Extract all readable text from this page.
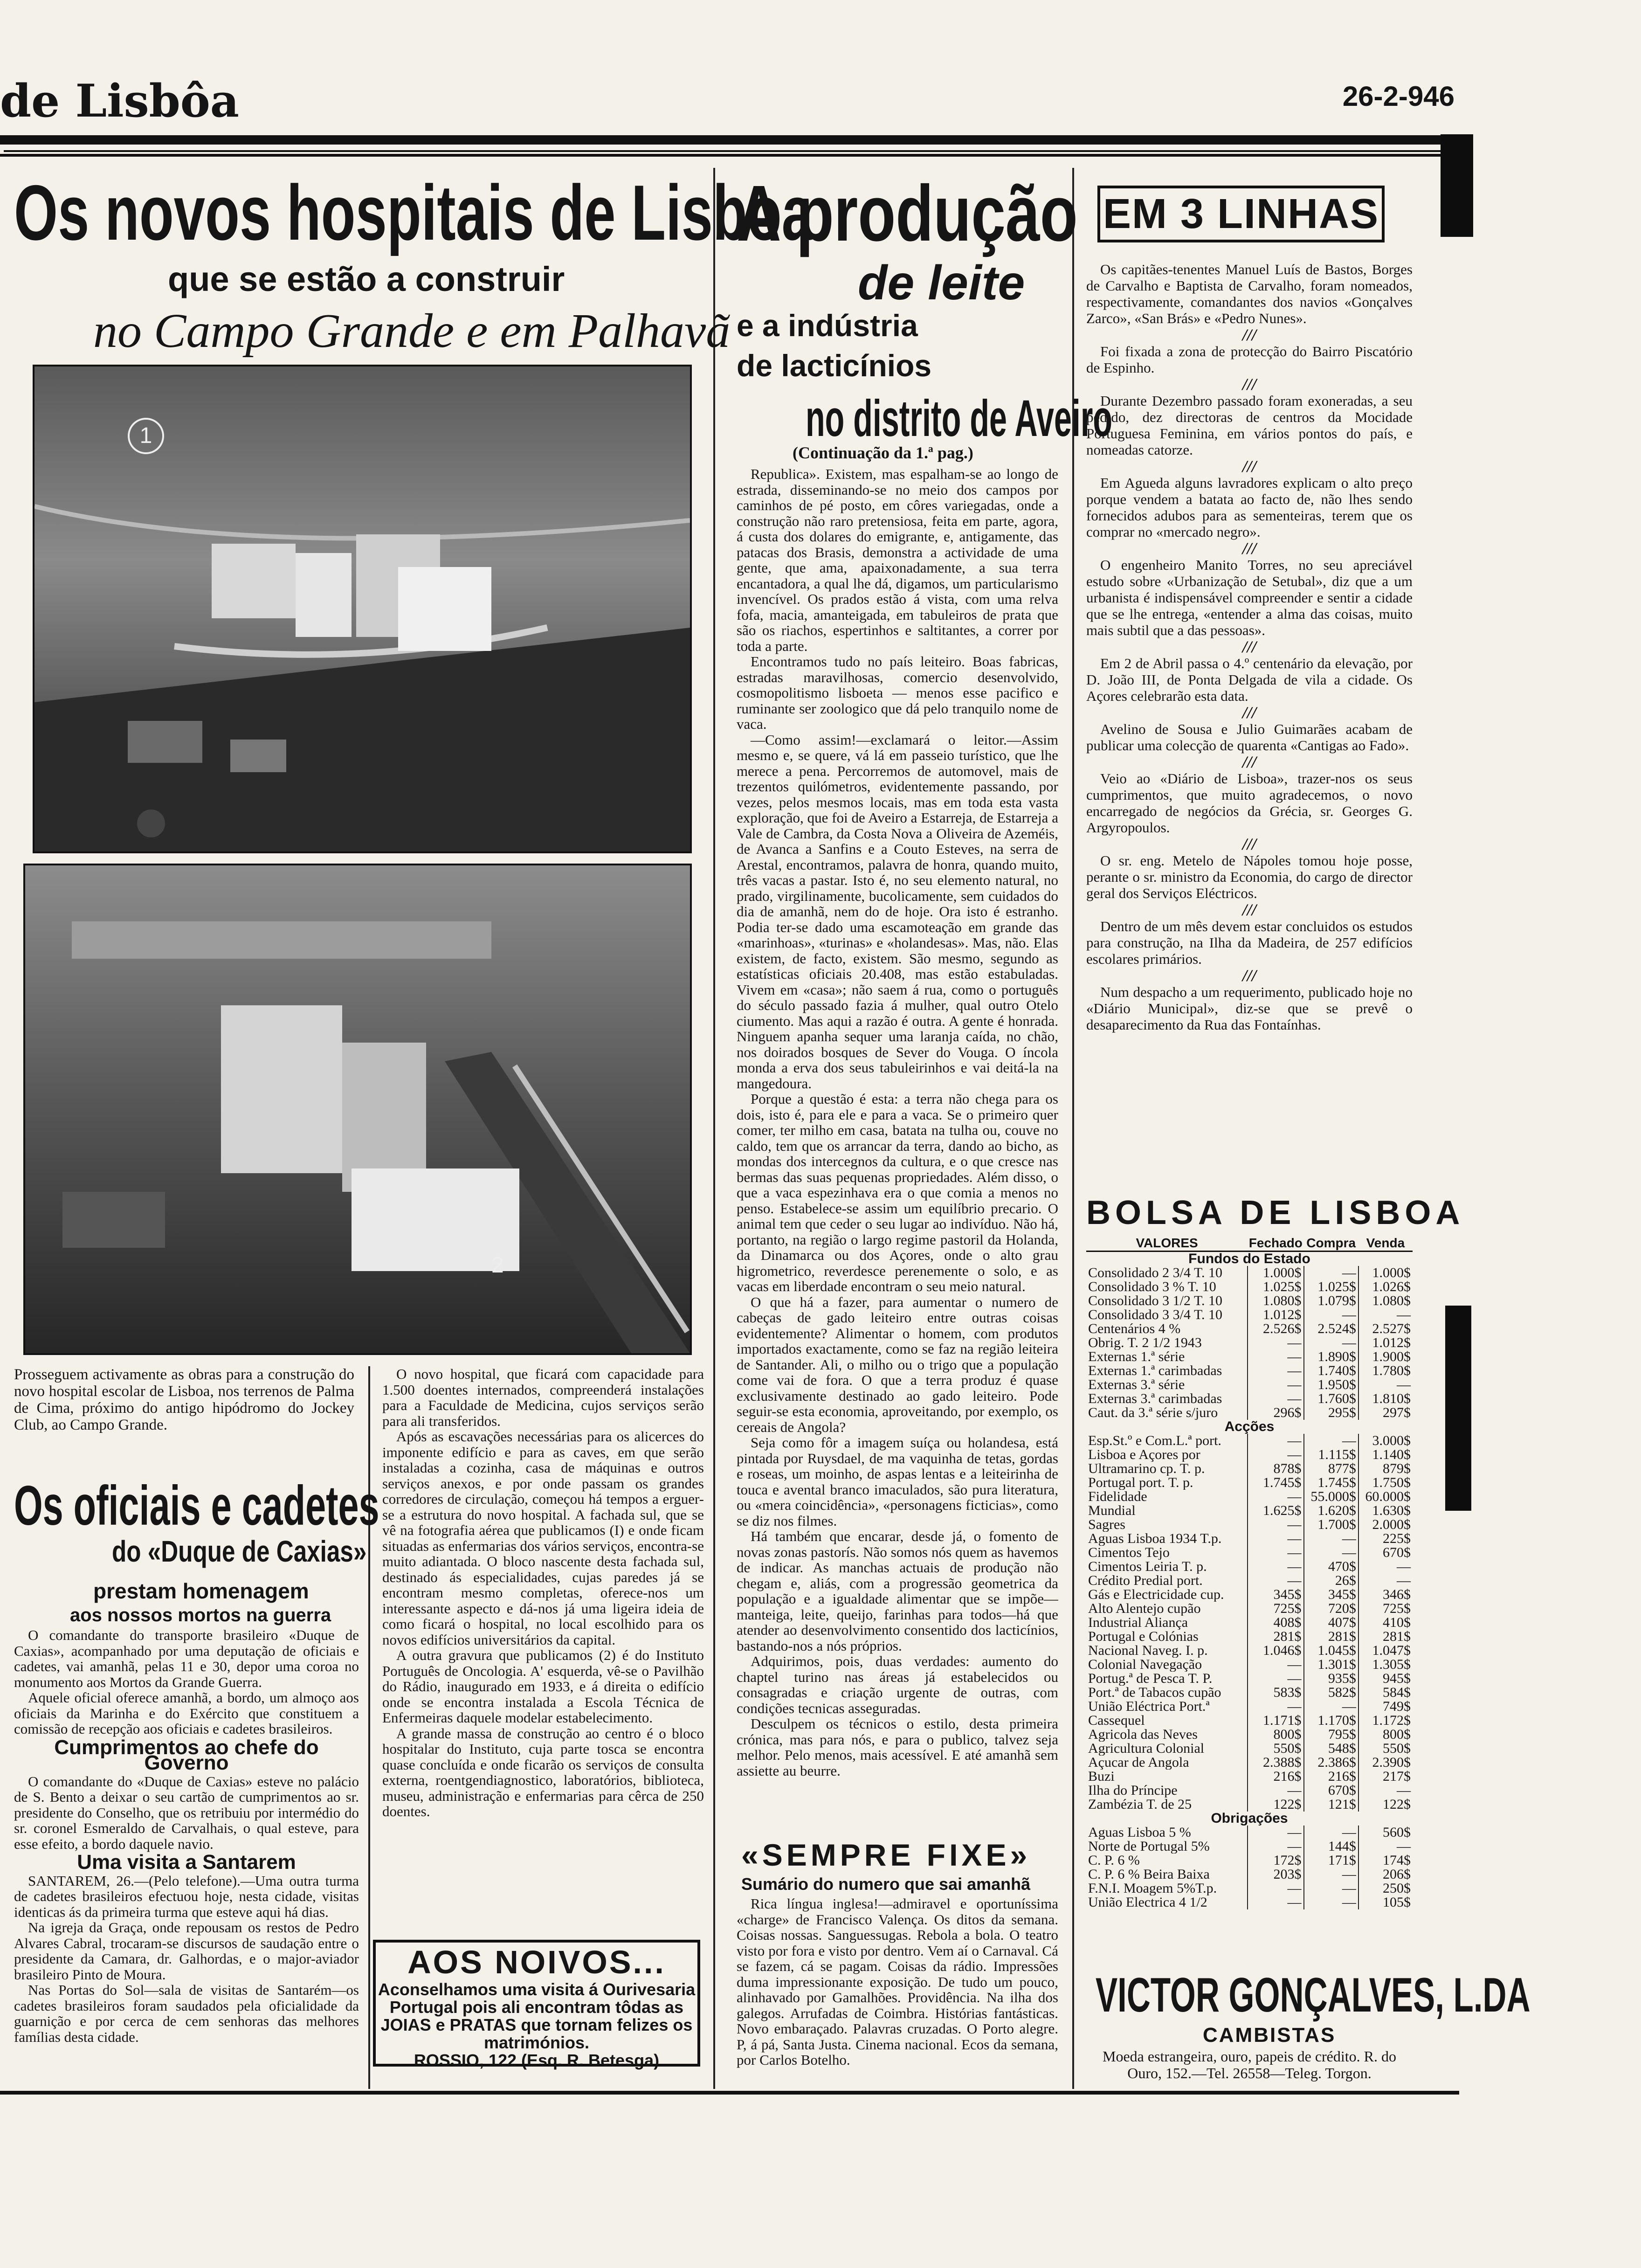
de Lisbôa	26-2-946
Os novos hospitais de Lisboa
que se estão a construir
no Campo Grande e em Palhavã
1
2
Prosseguem activamente as obras para a construção do novo hospital escolar de Lisboa, nos terrenos de Palma de Cima, próximo do antigo hipódromo do Jockey Club, ao Campo Grande.

O novo hospital, que ficará com capacidade para 1.500 doentes internados, compreenderá instalações para a Faculdade de Medicina, cujos serviços serão para ali transferidos.

Após as escavações necessárias para os alicerces do imponente edifício e para as caves, em que serão instaladas a cozinha, casa de máquinas e outros serviços anexos, e por onde passam os grandes corredores de circulação, começou há tempos a erguer-se a estrutura do novo hospital. A fachada sul, que se vê na fotografia aérea que publicamos (I) e onde ficam situadas as enfermarias dos vários serviços, encontra-se muito adiantada. O bloco nascente desta fachada sul, destinado ás especialidades, cujas paredes já se encontram mesmo completas, oferece-nos um interessante aspecto e dá-nos já uma ligeira ideia de como ficará o hospital, no local escolhido para os novos edifícios universitários da capital.

A outra gravura que publicamos (2) é do Instituto Português de Oncologia. A' esquerda, vê-se o Pavilhão do Rádio, inaugurado em 1933, e á direita o edifício onde se encontra instalada a Escola Técnica de Enfermeiras daquele modelar estabelecimento.

A grande massa de construção ao centro é o bloco hospitalar do Instituto, cuja parte tosca se encontra quase concluída e onde ficarão os serviços de consulta externa, roentgendiagnostico, laboratórios, biblioteca, museu, administração e enfermarias para cêrca de 250 doentes.

Os oficiais e cadetes
do «Duque de Caxias»
prestam homenagem
aos nossos mortos na guerra

O comandante do transporte brasileiro «Duque de Caxias», acompanhado por uma deputação de oficiais e cadetes, vai amanhã, pelas 11 e 30, depor uma coroa no monumento aos Mortos da Grande Guerra.

Aquele oficial oferece amanhã, a bordo, um almoço aos oficiais da Marinha e do Exército que constituem a comissão de recepção aos oficiais e cadetes brasileiros.

Cumprimentos ao chefe do Governo

O comandante do «Duque de Caxias» esteve no palácio de S. Bento a deixar o seu cartão de cumprimentos ao sr. presidente do Conselho, que os retribuiu por intermédio do sr. coronel Esmeraldo de Carvalhais, o qual esteve, para esse efeito, a bordo daquele navio.

Uma visita a Santarem

SANTAREM, 26.—(Pelo telefone).—Uma outra turma de cadetes brasileiros efectuou hoje, nesta cidade, visitas identicas ás da primeira turma que esteve aqui há dias.

Na igreja da Graça, onde repousam os restos de Pedro Alvares Cabral, trocaram-se discursos de saudação entre o presidente da Camara, dr. Galhordas, e o major-aviador brasileiro Pinto de Moura.

Nas Portas do Sol—sala de visitas de Santarém—os cadetes brasileiros foram saudados pela oficialidade da guarnição e por cerca de cem senhoras das melhores famílias desta cidade.

AOS NOIVOS...
Aconselhamos uma visita á Ourivesaria Portugal pois ali encontram tôdas as JOIAS e PRATAS que tornam felizes os matrimónios.
ROSSIO, 122 (Esq. R. Betesga)
A produção
de leite
e a indústria
de lacticínios
no distrito de Aveiro
(Continuação da 1.ª pag.)

Republica». Existem, mas espalham-se ao longo de estrada, disseminando-se no meio dos campos por caminhos de pé posto, em côres variegadas, onde a construção não raro pretensiosa, feita em parte, agora, á custa dos dolares do emigrante, e, antigamente, das patacas dos Brasis, demonstra a actividade de uma gente, que ama, apaixonadamente, a sua terra encantadora, a qual lhe dá, digamos, um particularismo invencível. Os prados estão á vista, com uma relva fofa, macia, amanteigada, em tabuleiros de prata que são os riachos, espertinhos e saltitantes, a correr por toda a parte.

Encontramos tudo no país leiteiro. Boas fabricas, estradas maravilhosas, comercio desenvolvido, cosmopolitismo lisboeta — menos esse pacifico e ruminante ser zoologico que dá pelo tranquilo nome de vaca.

—Como assim!—exclamará o leitor.—Assim mesmo e, se quere, vá lá em passeio turístico, que lhe merece a pena. Percorremos de automovel, mais de trezentos quilómetros, evidentemente passando, por vezes, pelos mesmos locais, mas em toda esta vasta exploração, que foi de Aveiro a Estarreja, de Estarreja a Vale de Cambra, da Costa Nova a Oliveira de Azeméis, de Avanca a Sanfins e a Couto Esteves, na serra de Arestal, encontramos, palavra de honra, quando muito, três vacas a pastar. Isto é, no seu elemento natural, no prado, virgilinamente, bucolicamente, sem cuidados do dia de amanhã, nem do de hoje. Ora isto é estranho. Podia ter-se dado uma escamoteação em grande das «marinhoas», «turinas» e «holandesas». Mas, não. Elas existem, de facto, existem. São mesmo, segundo as estatísticas oficiais 20.408, mas estão estabuladas. Vivem em «casa»; não saem á rua, como o português do século passado fazia á mulher, qual outro Otelo ciumento. Mas aqui a razão é outra. A gente é honrada. Ninguem apanha sequer uma laranja caída, no chão, nos doirados bosques de Sever do Vouga. O íncola monda a erva dos seus tabuleirinhos e vai deitá-la na mangedoura.

Porque a questão é esta: a terra não chega para os dois, isto é, para ele e para a vaca. Se o primeiro quer comer, ter milho em casa, batata na tulha ou, couve no caldo, tem que os arrancar da terra, dando ao bicho, as mondas dos intercegnos da cultura, e o que cresce nas bermas das suas pequenas propriedades. Além disso, o que a vaca espezinhava era o que comia a menos no penso. Estabelece-se assim um equilíbrio precario. O animal tem que ceder o seu lugar ao indivíduo. Não há, portanto, na região o largo regime pastoril da Holanda, da Dinamarca ou dos Açores, onde o alto grau higrometrico, reverdesce perenemente o solo, e as vacas em liberdade encontram o seu meio natural.

O que há a fazer, para aumentar o numero de cabeças de gado leiteiro entre outras coisas evidentemente? Alimentar o homem, com produtos importados exactamente, como se faz na região leiteira de Santander. Ali, o milho ou o trigo que a população come vai de fora. O que a terra produz é quase exclusivamente destinado ao gado leiteiro. Pode seguir-se esta economia, aproveitando, por exemplo, os cereais de Angola?

Seja como fôr a imagem suíça ou holandesa, está pintada por Ruysdael, de ma vaquinha de tetas, gordas e roseas, um moinho, de aspas lentas e a leiteirinha de touca e avental branco imaculados, são pura literatura, ou «mera coincidência», «personagens ficticias», como se diz nos filmes.

Há também que encarar, desde já, o fomento de novas zonas pastorís. Não somos nós quem as havemos de indicar. As manchas actuais de produção não chegam e, aliás, com a progressão geometrica da população e a igualdade alimentar que se impõe—manteiga, leite, queijo, farinhas para todos—há que atender ao desenvolvimento consentido dos lacticínios, bastando-nos a nós próprios.

Adquirimos, pois, duas verdades: aumento do chaptel turino nas áreas já estabelecidos ou consagradas e criação urgente de outras, com condições tecnicas asseguradas.

Desculpem os técnicos o estilo, desta primeira crónica, mas para nós, e para o publico, talvez seja melhor. Pelo menos, mais acessível. E até amanhã sem assiette au beurre.

«SEMPRE FIXE»
Sumário do numero que sai amanhã

Rica língua inglesa!—admiravel e oportuníssima «charge» de Francisco Valença. Os ditos da semana. Coisas nossas. Sanguessugas. Rebola a bola. O teatro visto por fora e visto por dentro. Vem aí o Carnaval. Cá se fazem, cá se pagam. Coisas da rádio. Impressões duma impressionante exposição. De tudo um pouco, alinhavado por Gamalhões. Providência. Na ilha dos galegos. Arrufadas de Coimbra. Histórias fantásticas. Novo embaraçado. Palavras cruzadas. O Porto alegre. P, á pá, Santa Justa. Cinema nacional. Ecos da semana, por Carlos Botelho.

EM 3 LINHAS

Os capitães-tenentes Manuel Luís de Bastos, Borges de Carvalho e Baptista de Carvalho, foram nomeados, respectivamente, comandantes dos navios «Gonçalves Zarco», «San Brás» e «Pedro Nunes».

///

Foi fixada a zona de protecção do Bairro Piscatório de Espinho.

///

Durante Dezembro passado foram exoneradas, a seu pedido, dez directoras de centros da Mocidade Portuguesa Feminina, em vários pontos do país, e nomeadas catorze.

///

Em Agueda alguns lavradores explicam o alto preço porque vendem a batata ao facto de, não lhes sendo fornecidos adubos para as sementeiras, terem que os comprar no «mercado negro».

///

O engenheiro Manito Torres, no seu apreciável estudo sobre «Urbanização de Setubal», diz que a um urbanista é indispensável compreender e sentir a cidade que se lhe entrega, «entender a alma das coisas, muito mais subtil que a das pessoas».

///

Em 2 de Abril passa o 4.º centenário da elevação, por D. João III, de Ponta Delgada de vila a cidade. Os Açores celebrarão esta data.

///

Avelino de Sousa e Julio Guimarães acabam de publicar uma colecção de quarenta «Cantigas ao Fado».

///

Veio ao «Diário de Lisboa», trazer-nos os seus cumprimentos, que muito agradecemos, o novo encarregado de negócios da Grécia, sr. Georges G. Argyropoulos.

///

O sr. eng. Metelo de Nápoles tomou hoje posse, perante o sr. ministro da Economia, do cargo de director geral dos Serviços Eléctricos.

///

Dentro de um mês devem estar concluidos os estudos para construção, na Ilha da Madeira, de 257 edifícios escolares primários.

///

Num despacho a um requerimento, publicado hoje no «Diário Municipal», diz-se que se prevê o desaparecimento da Rua das Fontaínhas.

BOLSA DE LISBOA
VALORES	Fechado	Compra	Venda
Fundos do Estado			
Consolidado 2 3/4 T. 10	1.000$	—	1.000$
Consolidado 3 % T. 10	1.025$	1.025$	1.026$
Consolidado 3 1/2 T. 10	1.080$	1.079$	1.080$
Consolidado 3 3/4 T. 10	1.012$	—	—
Centenários 4 %	2.526$	2.524$	2.527$
Obrig. T. 2 1/2 1943	—	—	1.012$
Externas 1.ª série	—	1.890$	1.900$
Externas 1.ª carimbadas	—	1.740$	1.780$
Externas 3.ª série	—	1.950$	—
Externas 3.ª carimbadas	—	1.760$	1.810$
Caut. da 3.ª série s/juro	296$	295$	297$
Acções			
Esp.St.º e Com.L.ª port.	—	—	3.000$
Lisboa e Açores por	—	1.115$	1.140$
Ultramarino cp. T. p.	878$	877$	879$
Portugal port. T. p.	1.745$	1.745$	1.750$
Fidelidade	—	55.000$	60.000$
Mundial	1.625$	1.620$	1.630$
Sagres	—	1.700$	2.000$
Aguas Lisboa 1934 T.p.	—	—	225$
Cimentos Tejo	—	—	670$
Cimentos Leiria T. p.	—	470$	—
Crédito Predial port.	—	26$	—
Gás e Electricidade cup.	345$	345$	346$
Alto Alentejo cupão	725$	720$	725$
Industrial Aliança	408$	407$	410$
Portugal e Colónias	281$	281$	281$
Nacional Naveg. I. p.	1.046$	1.045$	1.047$
Colonial Navegação	—	1.301$	1.305$
Portug.ª de Pesca T. P.	—	935$	945$
Port.ª de Tabacos cupão	583$	582$	584$
União Eléctrica Port.ª	—	—	749$
Cassequel	1.171$	1.170$	1.172$
Agricola das Neves	800$	795$	800$
Agricultura Colonial	550$	548$	550$
Açucar de Angola	2.388$	2.386$	2.390$
Buzi	216$	216$	217$
Ilha do Príncipe	—	670$	—
Zambézia T. de 25	122$	121$	122$
Obrigações			
Aguas Lisboa 5 %	—	—	560$
Norte de Portugal 5%	—	144$	—
C. P. 6 %	172$	171$	174$
C. P. 6 % Beira Baixa	203$	—	206$
F.N.I. Moagem 5%T.p.	—	—	250$
União Electrica 4 1/2	—	—	105$
VICTOR GONÇALVES, L.DA
CAMBISTAS
Moeda estrangeira, ouro, papeis de crédito. R. do Ouro, 152.—Tel. 26558—Teleg. Torgon.
